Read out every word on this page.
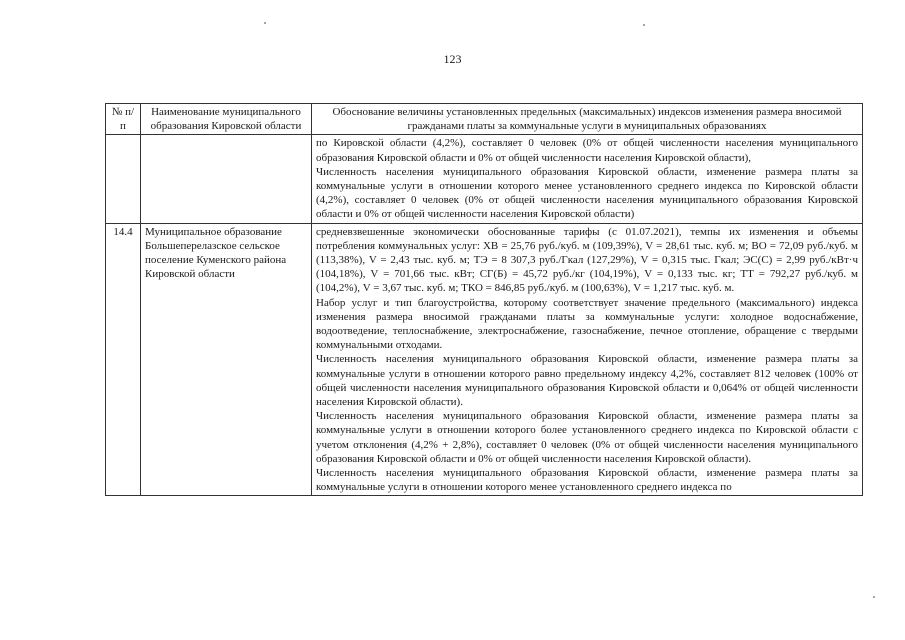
123
№ п/п	Наименование муниципального образования Кировской области	Обоснование величины установленных предельных (максимальных) индексов изменения размера вносимой гражданами платы за коммунальные услуги в муниципальных образованиях

		по Кировской области (4,2%), составляет 0 человек (0% от общей численности населения муниципального образования Кировской области и 0% от общей численности населения Кировской области),
Численность населения муниципального образования Кировской области, изменение размера платы за коммунальные услуги в отношении которого менее установленного среднего индекса по Кировской области (4,2%), составляет 0 человек (0% от общей численности населения муниципального образования Кировской области и 0% от общей численности населения Кировской области)

14.4	Муниципальное образование Большеперелазское сельское поселение Куменского района Кировской области	средневзвешенные экономически обоснованные тарифы (с 01.07.2021), темпы их изменения и объемы потребления коммунальных услуг: ХВ = 25,76 руб./куб. м (109,39%), V = 28,61 тыс. куб. м; ВО = 72,09 руб./куб. м (113,38%), V = 2,43 тыс. куб. м; ТЭ = 8 307,3 руб./Гкал (127,29%), V = 0,315 тыс. Гкал; ЭС(С) = 2,99 руб./кВт·ч (104,18%), V = 701,66 тыс. кВт; СГ(Б) = 45,72 руб./кг (104,19%), V = 0,133 тыс. кг; ТТ = 792,27 руб./куб. м (104,2%), V = 3,67 тыс. куб. м; ТКО = 846,85 руб./куб. м (100,63%), V = 1,217 тыс. куб. м.
Набор услуг и тип благоустройства, которому соответствует значение предельного (максимального) индекса изменения размера вносимой гражданами платы за коммунальные услуги: холодное водоснабжение, водоотведение, теплоснабжение, электроснабжение, газоснабжение, печное отопление, обращение с твердыми коммунальными отходами.
Численность населения муниципального образования Кировской области, изменение размера платы за коммунальные услуги в отношении которого равно предельному индексу 4,2%, составляет 812 человек (100% от общей численности населения муниципального образования Кировской области и 0,064% от общей численности населения Кировской области).
Численность населения муниципального образования Кировской области, изменение размера платы за коммунальные услуги в отношении которого более установленного среднего индекса по Кировской области с учетом отклонения (4,2% + 2,8%), составляет 0 человек (0% от общей численности населения муниципального образования Кировской области и 0% от общей численности населения Кировской области).
Численность населения муниципального образования Кировской области, изменение размера платы за коммунальные услуги в отношении которого менее установленного среднего индекса по
